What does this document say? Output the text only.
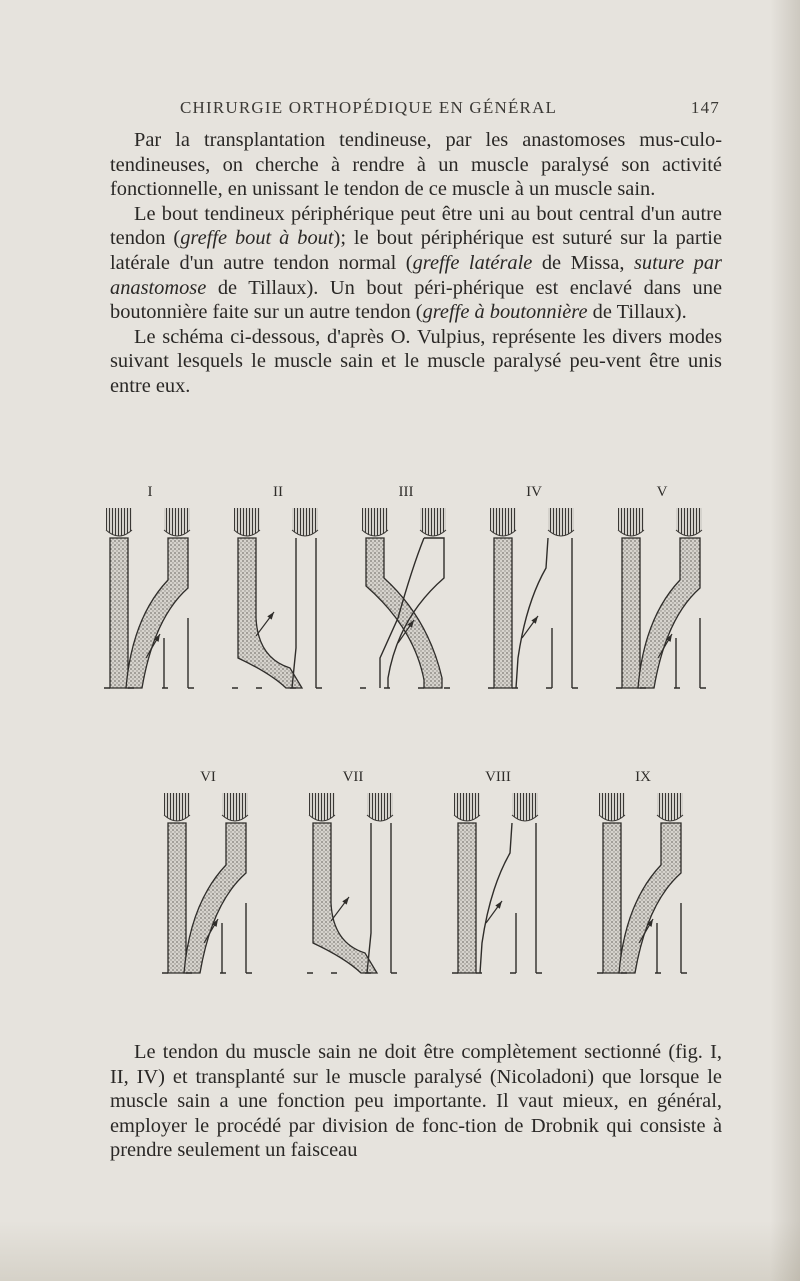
CHIRURGIE ORTHOPÉDIQUE EN GÉNÉRAL	147

Par la transplantation tendineuse, par les anastomoses mus-culo-tendineuses, on cherche à rendre à un muscle paralysé son activité fonctionnelle, en unissant le tendon de ce muscle à un muscle sain.

Le bout tendineux périphérique peut être uni au bout central d'un autre tendon (greffe bout à bout); le bout périphérique est suturé sur la partie latérale d'un autre tendon normal (greffe latérale de Missa, suture par anastomose de Tillaux). Un bout péri-phérique est enclavé dans une boutonnière faite sur un autre tendon (greffe à boutonnière de Tillaux).

Le schéma ci-dessous, d'après O. Vulpius, représente les divers modes suivant lesquels le muscle sain et le muscle paralysé peu-vent être unis entre eux.

I	II	III	IV	V
VI	VII	VIII	IX

Le tendon du muscle sain ne doit être complètement sectionné (fig. I, II, IV) et transplanté sur le muscle paralysé (Nicoladoni) que lorsque le muscle sain a une fonction peu importante. Il vaut mieux, en général, employer le procédé par division de fonc-tion de Drobnik qui consiste à prendre seulement un faisceau
